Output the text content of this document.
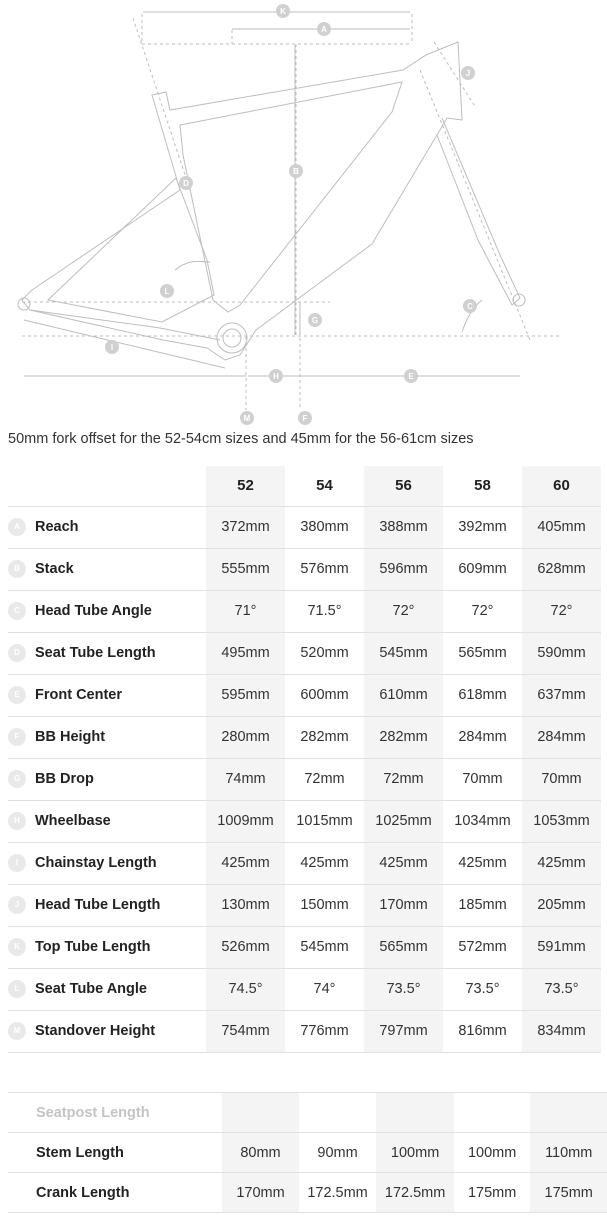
K
A
J
B
D
C
L
G
I
H	E
M	F
50mm fork offset for the 52-54cm sizes and 45mm for the 56-61cm sizes
	52	54	56	58	60
A Reach	372mm	380mm	388mm	392mm	405mm
B Stack	555mm	576mm	596mm	609mm	628mm
C Head Tube Angle	71°	71.5°	72°	72°	72°
D Seat Tube Length	495mm	520mm	545mm	565mm	590mm
E Front Center	595mm	600mm	610mm	618mm	637mm
F BB Height	280mm	282mm	282mm	284mm	284mm
G BB Drop	74mm	72mm	72mm	70mm	70mm
H Wheelbase	1009mm	1015mm	1025mm	1034mm	1053mm
I Chainstay Length	425mm	425mm	425mm	425mm	425mm
J Head Tube Length	130mm	150mm	170mm	185mm	205mm
K Top Tube Length	526mm	545mm	565mm	572mm	591mm
L Seat Tube Angle	74.5°	74°	73.5°	73.5°	73.5°
M Standover Height	754mm	776mm	797mm	816mm	834mm
Seatpost Length					
Stem Length	80mm	90mm	100mm	100mm	110mm
Crank Length	170mm	172.5mm	172.5mm	175mm	175mm
